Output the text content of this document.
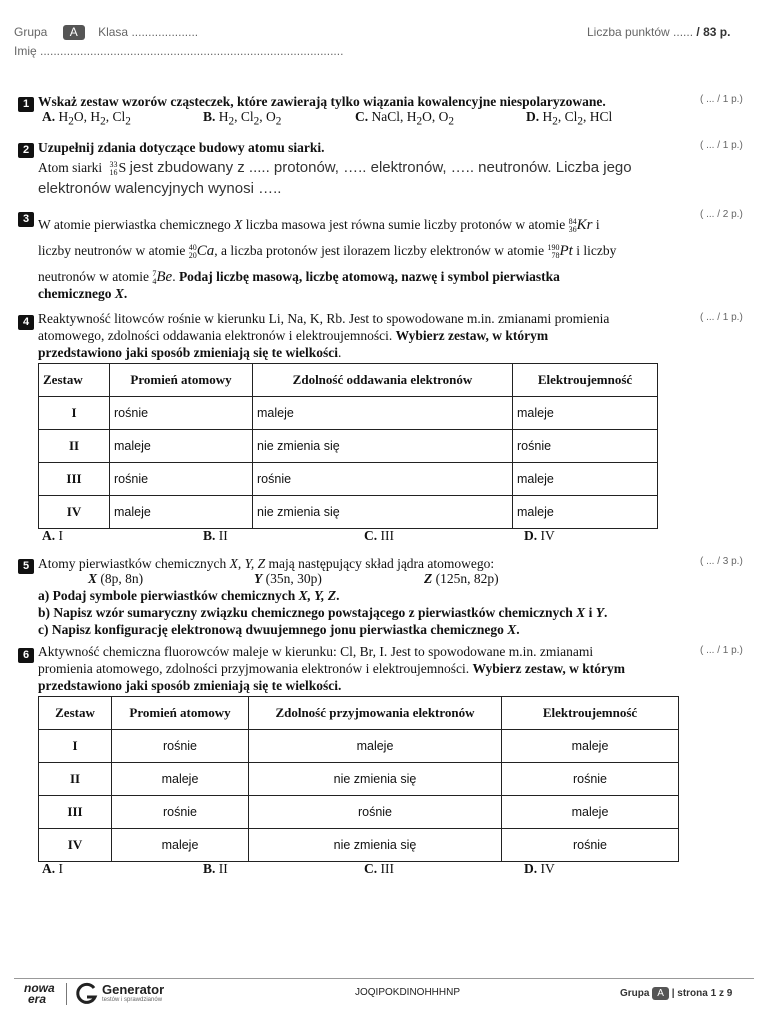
Grupa A Klasa ....................	Liczba punktów ...... / 83 p.
Imię ...........................................................................................
1	( ... / 1 p.)
Wskaż zestaw wzorów cząsteczek, które zawierają tylko wiązania kowalencyjne niespolaryzowane.
A. $H_2O$, $H_2$, $Cl_2$	B. $H_2$, $Cl_2$, $O_2$	C. NaCl, $H_2O$, $O_2$	D. $H_2$, $Cl_2$, HCl
2	( ... / 1 p.)
Uzupełnij zdania dotyczące budowy atomu siarki.
Atom siarki 33
16S jest zbudowany z ..... protonów, ….. elektronów, ….. neutronów. Liczba jego
elektronów walencyjnych wynosi …..
3	( ... / 2 p.)
W atomie pierwiastka chemicznego X liczba masowa jest równa sumie liczby protonów w atomie 84
36Kr i
liczby neutronów w atomie 40
20Ca, a liczba protonów jest ilorazem liczby elektronów w atomie 190
78Pt i liczby
neutronów w atomie 7
4Be. Podaj liczbę masową, liczbę atomową, nazwę i symbol pierwiastka
chemicznego X.
4	( ... / 1 p.)
Reaktywność litowców rośnie w kierunku Li, Na, K, Rb. Jest to spowodowane m.in. zmianami promienia
atomowego, zdolności oddawania elektronów i elektroujemności. Wybierz zestaw, w którym
przedstawiono jaki sposób zmieniają się te wielkości.
Zestaw	Promień atomowy	Zdolność oddawania elektronów	Elektroujemność
I	rośnie	maleje	maleje
II	maleje	nie zmienia się	rośnie
III	rośnie	rośnie	maleje
IV	maleje	nie zmienia się	maleje
A. I	B. II	C. III	D. IV
5	( ... / 3 p.)
Atomy pierwiastków chemicznych X, Y, Z mają następujący skład jądra atomowego:
X (8p, 8n)	Y (35n, 30p)	Z (125n, 82p)
a) Podaj symbole pierwiastków chemicznych X, Y, Z.
b) Napisz wzór sumaryczny związku chemicznego powstającego z pierwiastków chemicznych X i Y.
c) Napisz konfigurację elektronową dwuujemnego jonu pierwiastka chemicznego X.
6	( ... / 1 p.)
Aktywność chemiczna fluorowców maleje w kierunku: Cl, Br, I. Jest to spowodowane m.in. zmianami
promienia atomowego, zdolności przyjmowania elektronów i elektroujemności. Wybierz zestaw, w którym
przedstawiono jaki sposób zmieniają się te wielkości.
Zestaw	Promień atomowy	Zdolność przyjmowania elektronów	Elektroujemność
I	rośnie	maleje	maleje
II	maleje	nie zmienia się	rośnie
III	rośnie	rośnie	maleje
IV	maleje	nie zmienia się	rośnie
A. I	B. II	C. III	D. IV
nowa
era
Generator
testów i sprawdzianów
JOQIPOKDINOHHHNP	Grupa A | strona 1 z 9
